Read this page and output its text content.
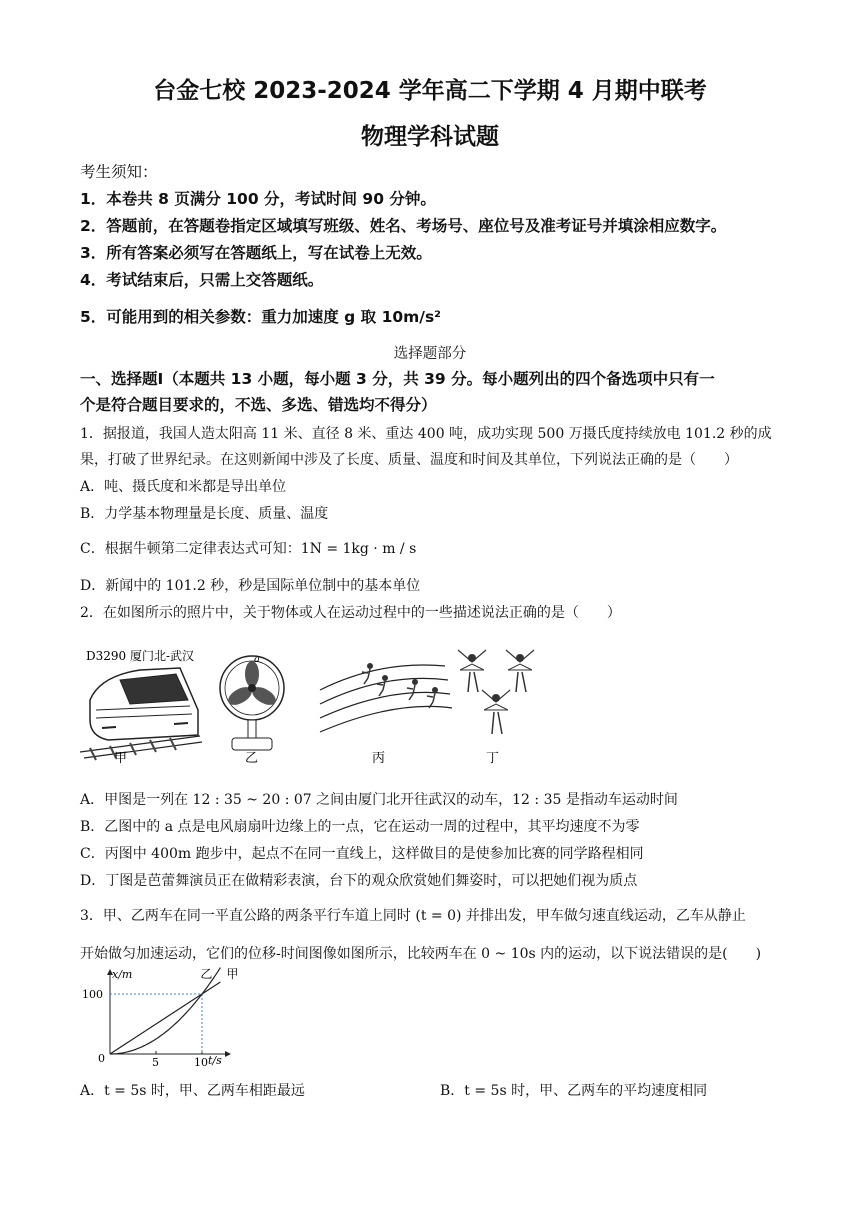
台金七校 2023-2024 学年高二下学期 4 月期中联考
物理学科试题
考生须知：
1．本卷共 8 页满分 100 分，考试时间 90 分钟。
2．答题前，在答题卷指定区域填写班级、姓名、考场号、座位号及准考证号并填涂相应数字。
3．所有答案必须写在答题纸上，写在试卷上无效。
4．考试结束后，只需上交答题纸。
5．可能用到的相关参数：重力加速度 g 取 10m/s²
选择题部分
一、选择题Ⅰ（本题共 13 小题，每小题 3 分，共 39 分。每小题列出的四个备选项中只有一
个是符合题目要求的，不选、多选、错选均不得分）
1．据报道，我国人造太阳高 11 米、直径 8 米、重达 400 吨，成功实现 500 万摄氏度持续放电 101.2 秒的成
果，打破了世界纪录。在这则新闻中涉及了长度、质量、温度和时间及其单位，下列说法正确的是（　　）
A．吨、摄氏度和米都是导出单位
B．力学基本物理量是长度、质量、温度
C．根据牛顿第二定律表达式可知：1N = 1kg · m / s
D．新闻中的 101.2 秒，秒是国际单位制中的基本单位
2．在如图所示的照片中，关于物体或人在运动过程中的一些描述说法正确的是（　　）
D3290 厦门北-武汉	a
甲	乙	丙	丁
A．甲图是一列在 12 : 35 ~ 20 : 07 之间由厦门北开往武汉的动车，12 : 35 是指动车运动时间
B．乙图中的 a 点是电风扇扇叶边缘上的一点，它在运动一周的过程中，其平均速度不为零
C．丙图中 400m 跑步中，起点不在同一直线上，这样做目的是使参加比赛的同学路程相同
D．丁图是芭蕾舞演员正在做精彩表演，台下的观众欣赏她们舞姿时，可以把她们视为质点
3．甲、乙两车在同一平直公路的两条平行车道上同时 (t = 0) 并排出发，甲车做匀速直线运动，乙车从静止
开始做匀加速运动，它们的位移-时间图像如图所示，比较两车在 0 ~ 10s 内的运动，以下说法错误的是(　　)
x/m
t/s
0	5	10
100
甲
乙
A．t = 5s 时，甲、乙两车相距最远	B．t = 5s 时，甲、乙两车的平均速度相同
